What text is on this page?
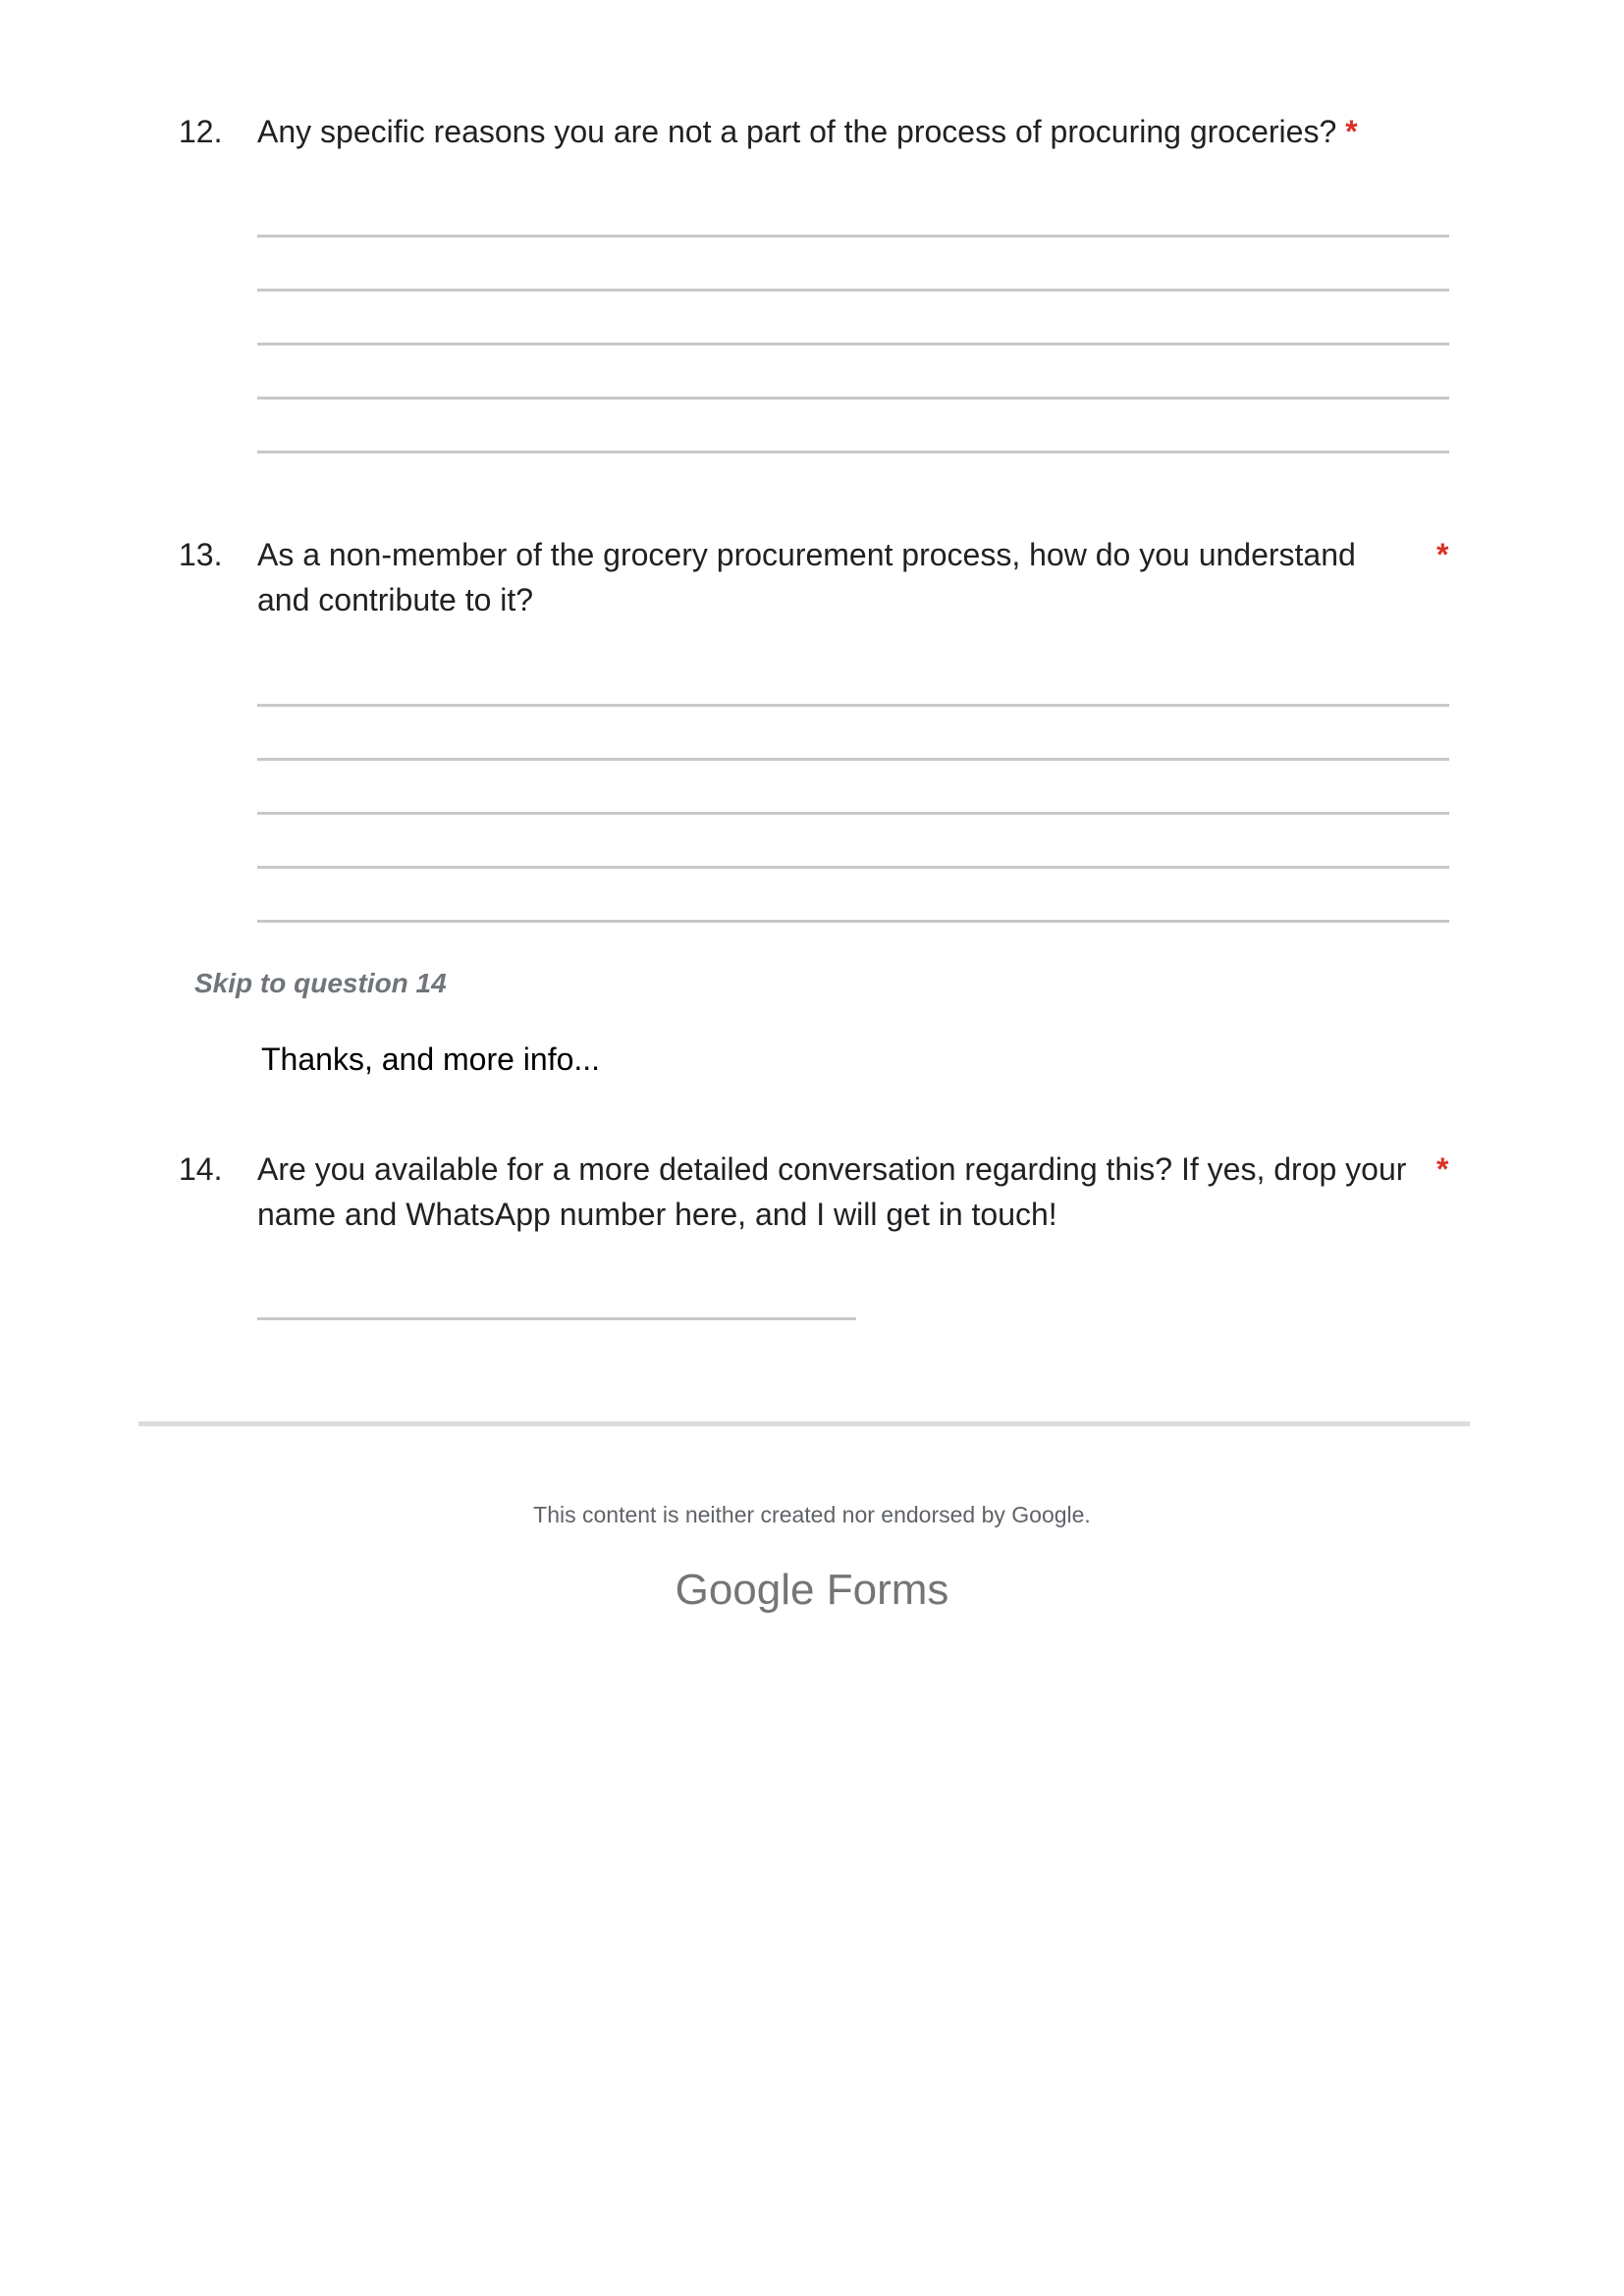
12. Any specific reasons you are not a part of the process of procuring groceries? *
13. As a non-member of the grocery procurement process, how do you understand and contribute to it?
*
Skip to question 14
Thanks, and more info...
14. Are you available for a more detailed conversation regarding this? If yes, drop your name and WhatsApp number here, and I will get in touch!
*
This content is neither created nor endorsed by Google.
Google Forms
